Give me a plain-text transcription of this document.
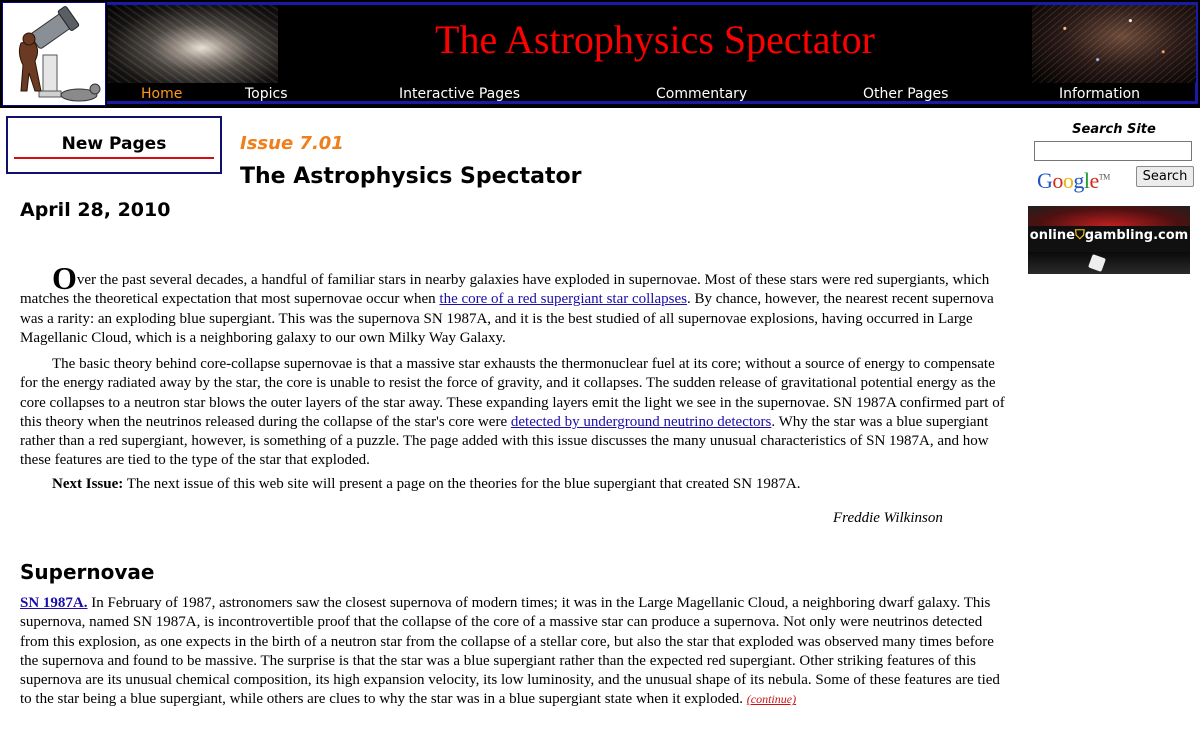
The Astrophysics Spectator
Home	Topics	Interactive Pages	Commentary	Other Pages	Information
New Pages	Issue 7.01
The Astrophysics Spectator
April 28, 2010

Over the past several decades, a handful of familiar stars in nearby galaxies have exploded in supernovae. Most of these stars were red supergiants, which matches the theoretical expectation that most supernovae occur when the core of a red supergiant star collapses. By chance, however, the nearest recent supernova was a rarity: an exploding blue supergiant. This was the supernova SN 1987A, and it is the best studied of all supernovae explosions, having occurred in Large Magellanic Cloud, which is a neighboring galaxy to our own Milky Way Galaxy.

The basic theory behind core-collapse supernovae is that a massive star exhausts the thermonuclear fuel at its core; without a source of energy to compensate for the energy radiated away by the star, the core is unable to resist the force of gravity, and it collapses. The sudden release of gravitational potential energy as the core collapses to a neutron star blows the outer layers of the star away. These expanding layers emit the light we see in the supernovae. SN 1987A confirmed part of this theory when the neutrinos released during the collapse of the star's core were detected by underground neutrino detectors. Why the star was a blue supergiant rather than a red supergiant, however, is something of a puzzle. The page added with this issue discusses the many unusual characteristics of SN 1987A, and how these features are tied to the type of the star that exploded.

Next Issue: The next issue of this web site will present a page on the theories for the blue supergiant that created SN 1987A.

Freddie Wilkinson
Supernovae

SN 1987A. In February of 1987, astronomers saw the closest supernova of modern times; it was in the Large Magellanic Cloud, a neighboring dwarf galaxy. This supernova, named SN 1987A, is incontrovertible proof that the collapse of the core of a massive star can produce a supernova. Not only were neutrinos detected from this explosion, as one expects in the birth of a neutron star from the collapse of a stellar core, but also the star that exploded was observed many times before the supernova and found to be massive. The surprise is that the star was a blue supergiant rather than the expected red supergiant. Other striking features of this supernova are its unusual chemical composition, its high expansion velocity, its low luminosity, and the unusual shape of its nebula. Some of these features are tied to the star being a blue supergiant, while others are clues to why the star was in a blue supergiant state when it exploded. (continue)

Search Site
Google™	Search
online⛉gambling.com
